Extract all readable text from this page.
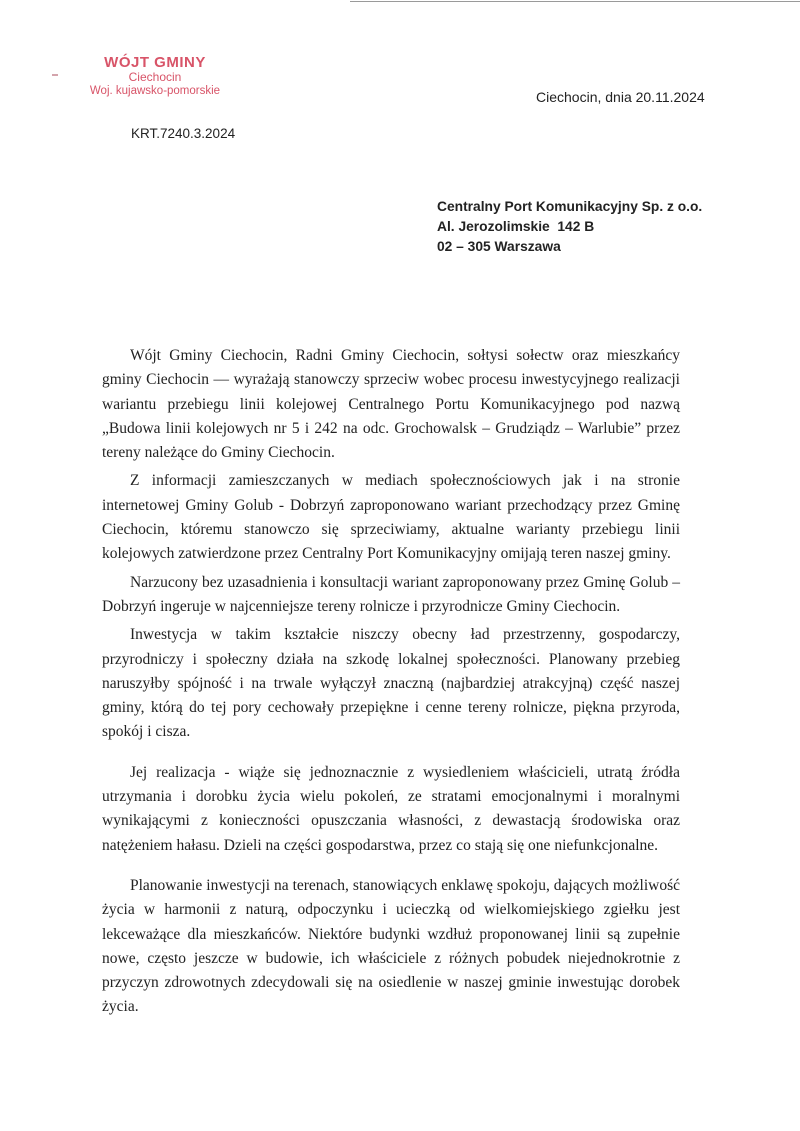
WÓJT GMINY
Ciechocin
Woj. kujawsko-pomorskie	Ciechocin, dnia 20.11.2024
KRT.7240.3.2024
Centralny Port Komunikacyjny Sp. z o.o.
Al. Jerozolimskie  142 B
02 – 305 Warszawa

Wójt Gminy Ciechocin, Radni Gminy Ciechocin, sołtysi sołectw oraz mieszkańcy gminy Ciechocin — wyrażają stanowczy sprzeciw wobec procesu inwestycyjnego realizacji wariantu przebiegu linii kolejowej Centralnego Portu Komunikacyjnego pod nazwą „Budowa linii kolejowych nr 5 i 242 na odc. Grochowalsk – Grudziądz – Warlubie” przez tereny należące do Gminy Ciechocin.

Z informacji zamieszczanych w mediach społecznościowych jak i na stronie internetowej Gminy Golub - Dobrzyń zaproponowano wariant przechodzący przez Gminę Ciechocin, któremu stanowczo się sprzeciwiamy, aktualne warianty przebiegu linii kolejowych zatwierdzone przez Centralny Port Komunikacyjny omijają teren naszej gminy.

Narzucony bez uzasadnienia i konsultacji wariant zaproponowany przez Gminę Golub – Dobrzyń ingeruje w najcenniejsze tereny rolnicze i przyrodnicze Gminy Ciechocin.

Inwestycja w takim kształcie niszczy obecny ład przestrzenny, gospodarczy, przyrodniczy i społeczny działa na szkodę lokalnej społeczności. Planowany przebieg naruszyłby spójność i na trwale wyłączył znaczną (najbardziej atrakcyjną) część naszej gminy, którą do tej pory cechowały przepiękne i cenne tereny rolnicze, piękna przyroda, spokój i cisza.

Jej realizacja - wiąże się jednoznacznie z wysiedleniem właścicieli, utratą źródła utrzymania i dorobku życia wielu pokoleń, ze stratami emocjonalnymi i moralnymi wynikającymi z konieczności opuszczania własności, z dewastacją środowiska oraz natężeniem hałasu. Dzieli na części gospodarstwa, przez co stają się one niefunkcjonalne.

Planowanie inwestycji na terenach, stanowiących enklawę spokoju, dających możliwość życia w harmonii z naturą, odpoczynku i ucieczką od wielkomiejskiego zgiełku jest lekceważące dla mieszkańców. Niektóre budynki wzdłuż proponowanej linii są zupełnie nowe, często jeszcze w budowie, ich właściciele z różnych pobudek niejednokrotnie z przyczyn zdrowotnych zdecydowali się na osiedlenie w naszej gminie inwestując dorobek życia.
